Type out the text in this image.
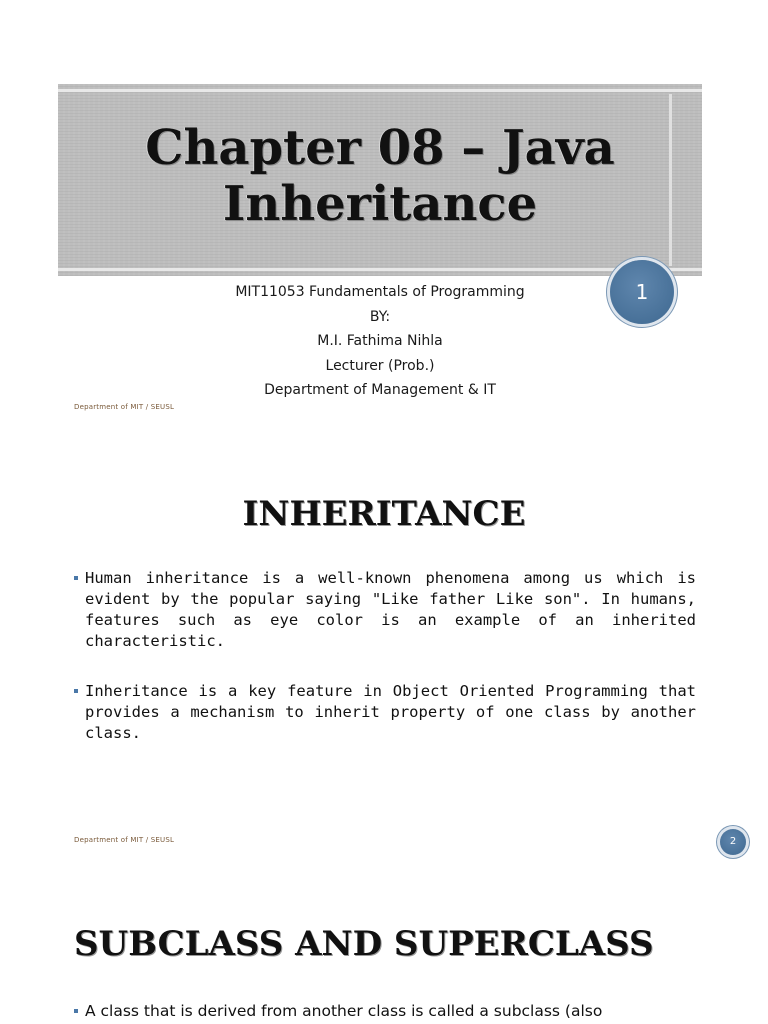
Chapter 08 – Java
Inheritance
1
MIT11053 Fundamentals of Programming
BY:
M.I. Fathima Nihla
Lecturer (Prob.)
Department of Management & IT
Department of MIT / SEUSL
INHERITANCE
Human inheritance is a well-known phenomena among us which is evident by the popular saying "Like father Like son". In humans, features such as eye color is an example of an inherited characteristic.
Inheritance is a key feature in Object Oriented Programming that provides a mechanism to inherit property of one class by another class.
Department of MIT / SEUSL	2
SUBCLASS AND SUPERCLASS
A class that is derived from another class is called a subclass (also
